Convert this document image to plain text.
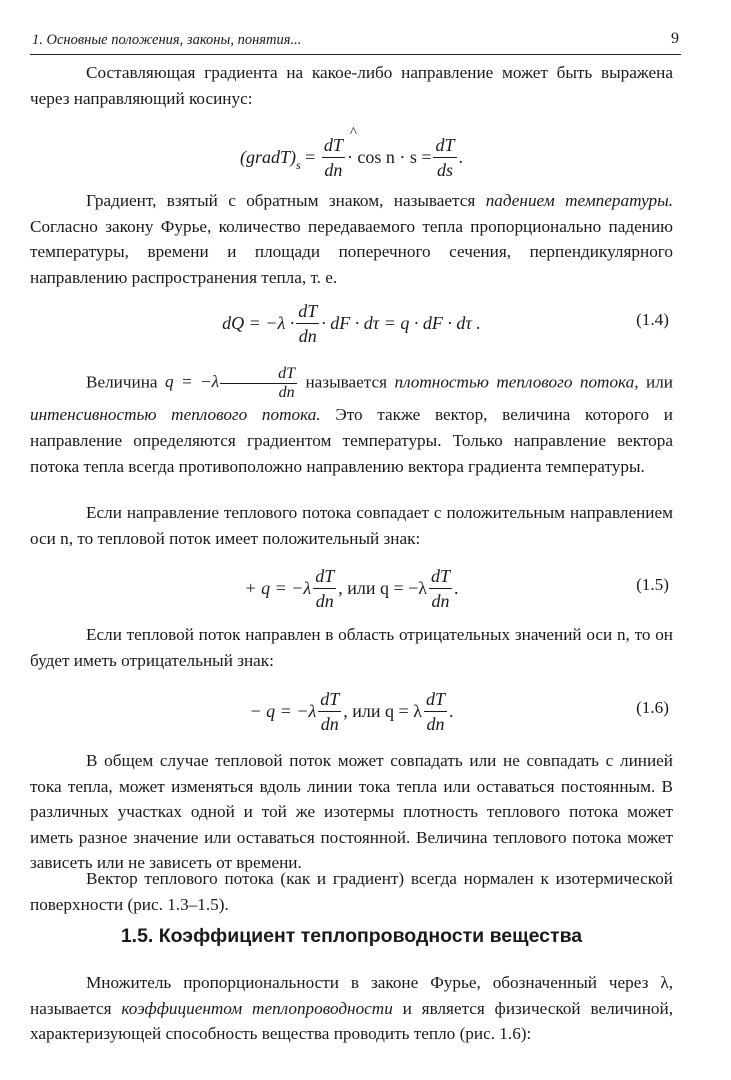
1. Основные положения, законы, понятия...	9

Составляющая градиента на какое-либо направление может быть выражена через направляющий косинус:

(gradT) $s = \frac{dT}{dn}$
^ · $\cos n \cdot s = \frac{dT}{ds}$ .

Градиент, взятый с обратным знаком, называется падением температуры. Согласно закону Фурье, количество передаваемого тепла пропорционально падению температуры, времени и площади поперечного сечения, перпендикулярного направлению распространения тепла, т. е.

dQ = $-\lambda \cdot \frac{dT}{dn}$ · dF · dτ = q · dF · dτ .	(1.4)

Величина $q = -\lambda \frac{dT}{dn}$ называется плотностью теплового потока, или интенсивностью теплового потока. Это также вектор, величина которого и направление определяются градиентом температуры. Только направление вектора потока тепла всегда противоположно направлению вектора градиента температуры.

Если направление теплового потока совпадает с положительным направлением оси n, то тепловой поток имеет положительный знак:

+ $q = -\lambda \frac{dT}{dn}$ , или $q = -\lambda \frac{dT}{dn}$ .	(1.5)

Если тепловой поток направлен в область отрицательных значений оси n, то он будет иметь отрицательный знак:

− $q = -\lambda \frac{dT}{dn}$ , или q = λ $\frac{dT}{dn}$ .	(1.6)

В общем случае тепловой поток может совпадать или не совпадать с линией тока тепла, может изменяться вдоль линии тока тепла или оставаться постоянным. В различных участках одной и той же изотермы плотность теплового потока может иметь разное значение или оставаться постоянной. Величина теплового потока может зависеть или не зависеть от времени.

Вектор теплового потока (как и градиент) всегда нормален к изотермической поверхности (рис. 1.3–1.5).

1.5. Коэффициент теплопроводности вещества

Множитель пропорциональности в законе Фурье, обозначенный через λ, называется коэффициентом теплопроводности и является физической величиной, характеризующей способность вещества проводить тепло (рис. 1.6):
